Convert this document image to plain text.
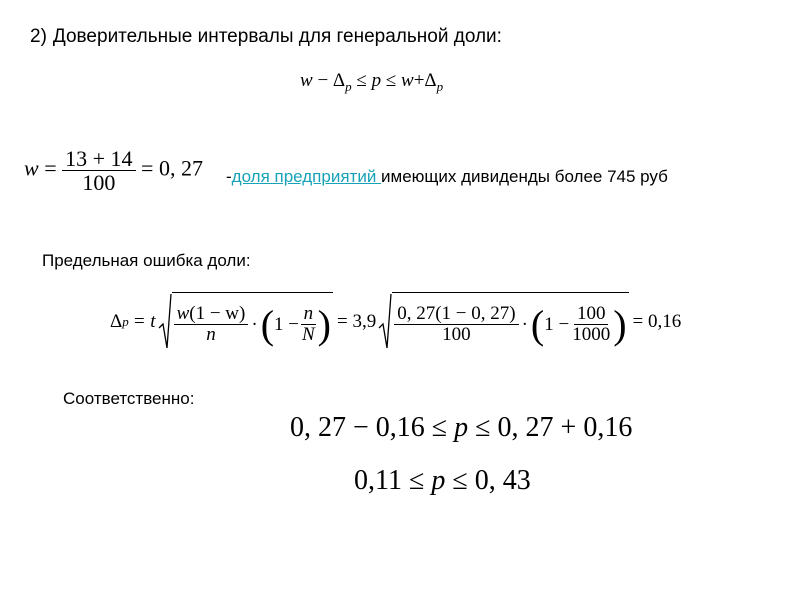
2) Доверительные интервалы для генеральной доли:
$w - \Delta_p \le p \le w+\Delta_p$
$w = \frac{13 + 14}{100} = 0$, 27 -доля предприятий имеющих дивиденды более 745 руб
Предельная ошибка доли:
Δ p = t $\frac{w(1 - w)}{n}$ · ( $1 - \frac{n}{N}$ ) = $3,9 \frac{0, 27(1 - 0, 27)}{100}$ · ( $1 - \frac{100}{1000}$ ) = 0,16
Соответственно:

0, 27 − 0,16 ≤ p ≤ 0, 27 + 0,16

0,11 ≤ p ≤ 0, 43
